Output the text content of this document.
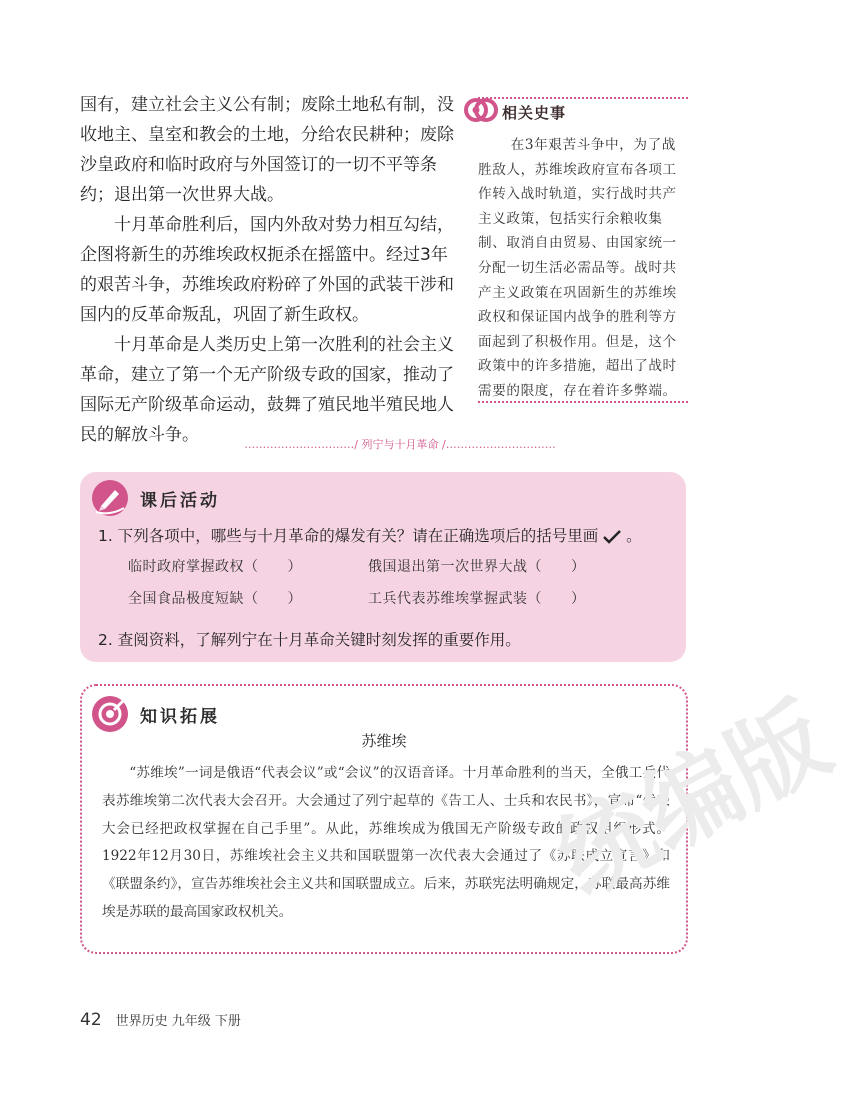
国有，建立社会主义公有制；废除土地私有制，没收地主、皇室和教会的土地，分给农民耕种；废除沙皇政府和临时政府与外国签订的一切不平等条约；退出第一次世界大战。

十月革命胜利后，国内外敌对势力相互勾结，企图将新生的苏维埃政权扼杀在摇篮中。经过3年的艰苦斗争，苏维埃政府粉碎了外国的武装干涉和国内的反革命叛乱，巩固了新生政权。

十月革命是人类历史上第一次胜利的社会主义革命，建立了第一个无产阶级专政的国家，推动了国际无产阶级革命运动，鼓舞了殖民地半殖民地人民的解放斗争。

相关史事
在3年艰苦斗争中，为了战胜敌人，苏维埃政府宣布各项工作转入战时轨道，实行战时共产主义政策，包括实行余粮收集制、取消自由贸易、由国家统一分配一切生活必需品等。战时共产主义政策在巩固新生的苏维埃政权和保证国内战争的胜利等方面起到了积极作用。但是，这个政策中的许多措施，超出了战时需要的限度，存在着许多弊端。
…………………………/ 列宁与十月革命 /…………………………
课后活动
1. 下列各项中，哪些与十月革命的爆发有关？请在正确选项后的括号里画 。
临时政府掌握政权（　　）	俄国退出第一次世界大战（　　）
全国食品极度短缺（　　）	工兵代表苏维埃掌握武装（　　）
2. 查阅资料，了解列宁在十月革命关键时刻发挥的重要作用。
知识拓展
苏维埃
“苏维埃”一词是俄语“代表会议”或“会议”的汉语音译。十月革命胜利的当天，全俄工兵代表苏维埃第二次代表大会召开。大会通过了列宁起草的《告工人、士兵和农民书》，宣布“代表大会已经把政权掌握在自己手里”。从此，苏维埃成为俄国无产阶级专政的政权组织形式。1922年12月30日，苏维埃社会主义共和国联盟第一次代表大会通过了《苏联成立宣言》和《联盟条约》，宣告苏维埃社会主义共和国联盟成立。后来，苏联宪法明确规定，苏联最高苏维埃是苏联的最高国家政权机关。	统编版
42 世界历史 九年级 下册
